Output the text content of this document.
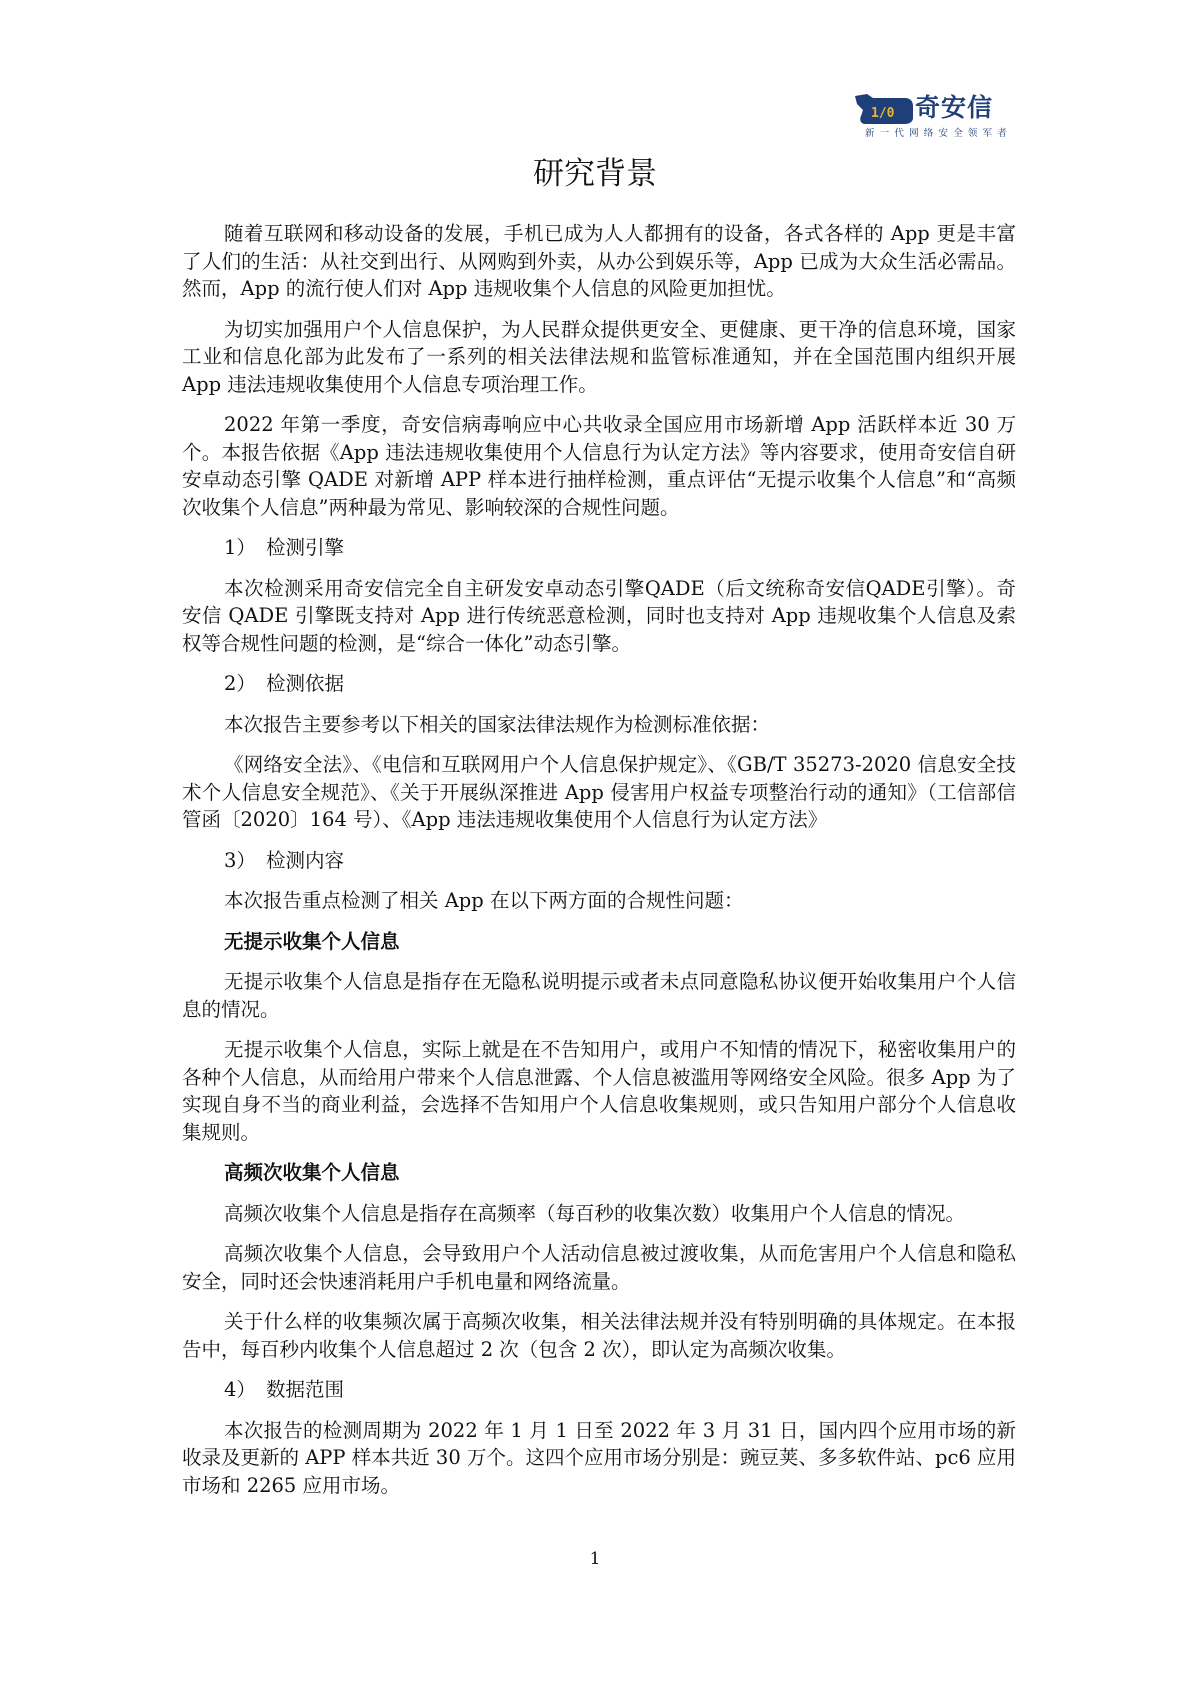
1/0 奇安信
新一代网络安全领军者
研究背景

随着互联网和移动设备的发展，手机已成为人人都拥有的设备，各式各样的 App 更是丰富了人们的生活：从社交到出行、从网购到外卖，从办公到娱乐等，App 已成为大众生活必需品。然而，App 的流行使人们对 App 违规收集个人信息的风险更加担忧。

为切实加强用户个人信息保护，为人民群众提供更安全、更健康、更干净的信息环境，国家工业和信息化部为此发布了一系列的相关法律法规和监管标准通知，并在全国范围内组织开展 App 违法违规收集使用个人信息专项治理工作。

2022 年第一季度，奇安信病毒响应中心共收录全国应用市场新增 App 活跃样本近 30 万个。本报告依据《App 违法违规收集使用个人信息行为认定方法》等内容要求，使用奇安信自研安卓动态引擎 QADE 对新增 APP 样本进行抽样检测，重点评估“无提示收集个人信息”和“高频次收集个人信息”两种最为常见、影响较深的合规性问题。

1） 检测引擎

本次检测采用奇安信完全自主研发安卓动态引擎QADE（后文统称奇安信QADE引擎）。奇安信 QADE 引擎既支持对 App 进行传统恶意检测，同时也支持对 App 违规收集个人信息及索权等合规性问题的检测，是“综合一体化”动态引擎。

2） 检测依据

本次报告主要参考以下相关的国家法律法规作为检测标准依据：

《网络安全法》、《电信和互联网用户个人信息保护规定》、《GB/T 35273-2020 信息安全技术个人信息安全规范》、《关于开展纵深推进 App 侵害用户权益专项整治行动的通知》（工信部信管函〔2020〕164 号）、《App 违法违规收集使用个人信息行为认定方法》

3） 检测内容

本次报告重点检测了相关 App 在以下两方面的合规性问题：

无提示收集个人信息

无提示收集个人信息是指存在无隐私说明提示或者未点同意隐私协议便开始收集用户个人信息的情况。

无提示收集个人信息，实际上就是在不告知用户，或用户不知情的情况下，秘密收集用户的各种个人信息，从而给用户带来个人信息泄露、个人信息被滥用等网络安全风险。很多 App 为了实现自身不当的商业利益，会选择不告知用户个人信息收集规则，或只告知用户部分个人信息收集规则。

高频次收集个人信息

高频次收集个人信息是指存在高频率（每百秒的收集次数）收集用户个人信息的情况。

高频次收集个人信息，会导致用户个人活动信息被过渡收集，从而危害用户个人信息和隐私安全，同时还会快速消耗用户手机电量和网络流量。

关于什么样的收集频次属于高频次收集，相关法律法规并没有特别明确的具体规定。在本报告中，每百秒内收集个人信息超过 2 次（包含 2 次），即认定为高频次收集。

4） 数据范围

本次报告的检测周期为 2022 年 1 月 1 日至 2022 年 3 月 31 日，国内四个应用市场的新收录及更新的 APP 样本共近 30 万个。这四个应用市场分别是：豌豆荚、多多软件站、pc6 应用市场和 2265 应用市场。

1
